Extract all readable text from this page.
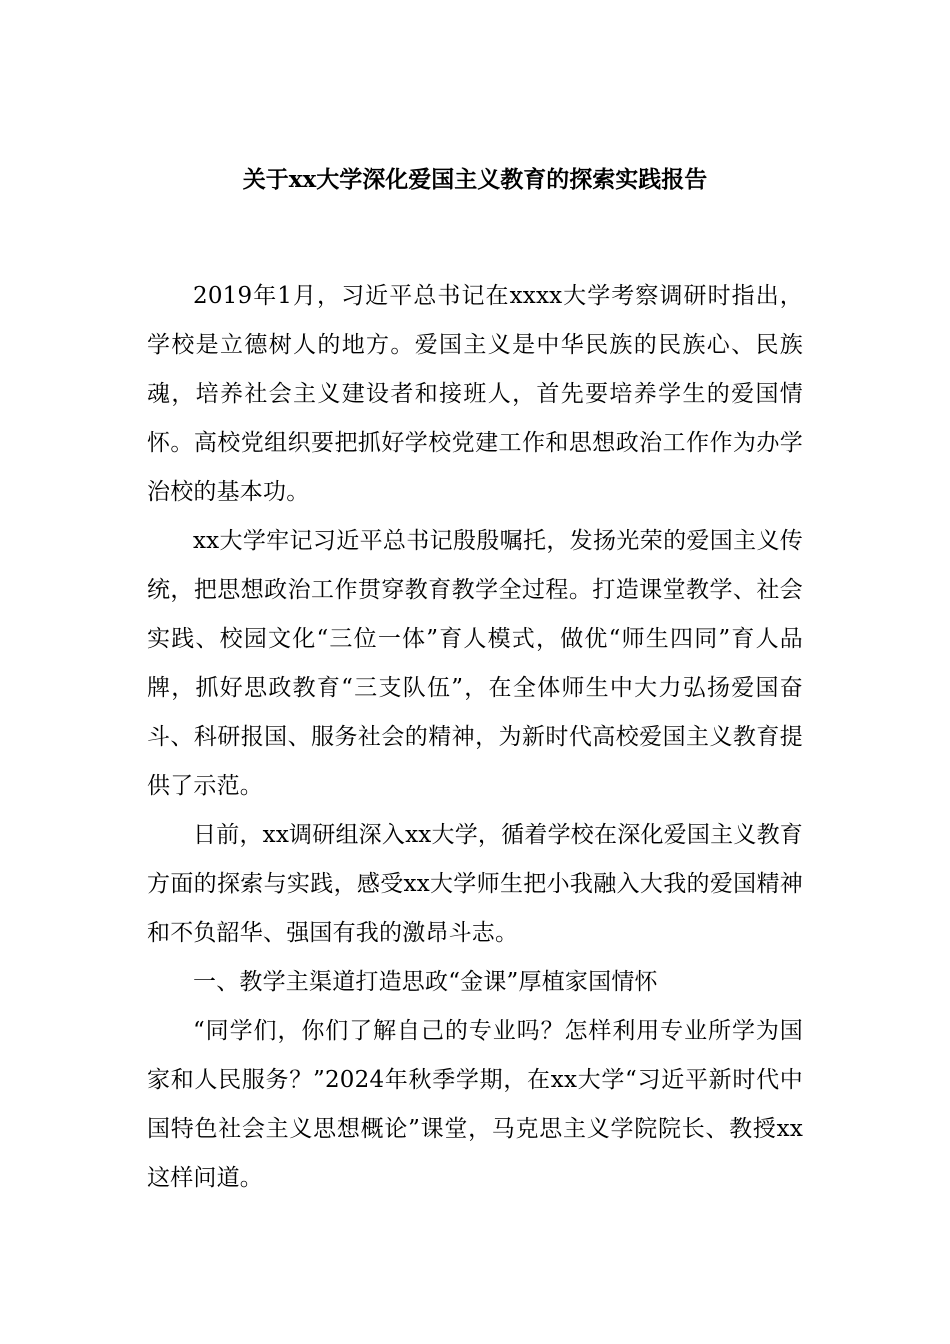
关于xx大学深化爱国主义教育的探索实践报告

2019年1月，习近平总书记在xxxx大学考察调研时指出，学校是立德树人的地方。爱国主义是中华民族的民族心、民族魂，培养社会主义建设者和接班人，首先要培养学生的爱国情怀。高校党组织要把抓好学校党建工作和思想政治工作作为办学治校的基本功。

xx大学牢记习近平总书记殷殷嘱托，发扬光荣的爱国主义传统，把思想政治工作贯穿教育教学全过程。打造课堂教学、社会实践、校园文化“三位一体”育人模式，做优“师生四同”育人品牌，抓好思政教育“三支队伍”，在全体师生中大力弘扬爱国奋斗、科研报国、服务社会的精神，为新时代高校爱国主义教育提供了示范。

日前，xx调研组深入xx大学，循着学校在深化爱国主义教育方面的探索与实践，感受xx大学师生把小我融入大我的爱国精神和不负韶华、强国有我的激昂斗志。

一、教学主渠道打造思政“金课”厚植家国情怀

“同学们，你们了解自己的专业吗？怎样利用专业所学为国家和人民服务？”2024年秋季学期，在xx大学“习近平新时代中国特色社会主义思想概论”课堂，马克思主义学院院长、教授xx这样问道。
